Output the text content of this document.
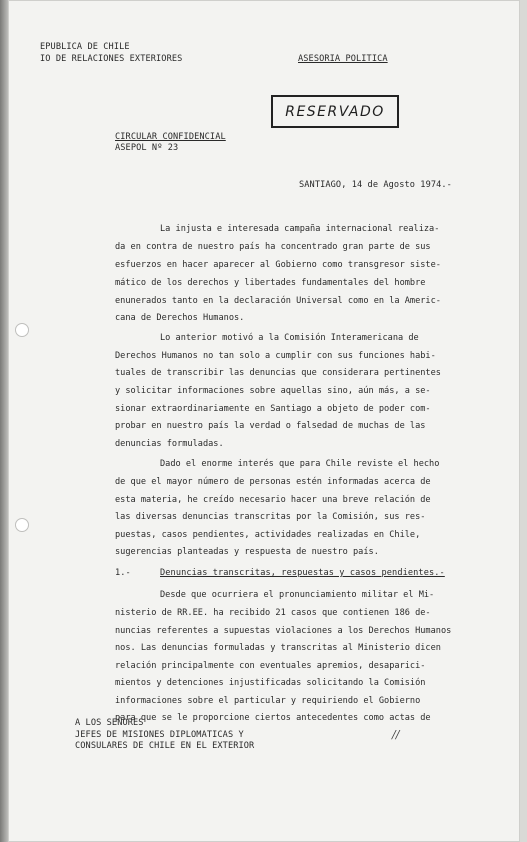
EPUBLICA DE CHILE
IO DE RELACIONES EXTERIORES	ASESORIA POLITICA
RESERVADO
CIRCULAR CONFIDENCIAL
ASEPOL Nº 23
SANTIAGO, 14 de Agosto 1974.-
La injusta e interesada campaña internacional realiza-
da en contra de nuestro país ha concentrado gran parte de sus
esfuerzos en hacer aparecer al Gobierno como transgresor siste-
mático de los derechos y libertades fundamentales del hombre
enunerados tanto en la declaración Universal como en la Americ-
cana de Derechos Humanos.
Lo anterior motivó a la Comisión Interamericana de
Derechos Humanos no tan solo a cumplir con sus funciones habi-
tuales de transcribir las denuncias que considerara pertinentes
y solicitar informaciones sobre aquellas sino, aún más, a se-
sionar extraordinariamente en Santiago a objeto de poder com-
probar en nuestro país la verdad o falsedad de muchas de las
denuncias formuladas.
Dado el enorme interés que para Chile reviste el hecho
de que el mayor número de personas estén informadas acerca de
esta materia, he creído necesario hacer una breve relación de
las diversas denuncias transcritas por la Comisión, sus res-
puestas, casos pendientes, actividades realizadas en Chile,
sugerencias planteadas y respuesta de nuestro país.
1.-	Denuncias transcritas, respuestas y casos pendientes.-
Desde que ocurriera el pronunciamiento militar el Mi-
nisterio de RR.EE. ha recibido 21 casos que contienen 186 de-
nuncias referentes a supuestas violaciones a los Derechos Humanos
nos. Las denuncias formuladas y transcritas al Ministerio dicen
relación principalmente con eventuales apremios, desaparici-
mientos y detenciones injustificadas solicitando la Comisión
informaciones sobre el particular y requiriendo el Gobierno
para que se le proporcione ciertos antecedentes como actas de
A LOS SEÑORES
JEFES DE MISIONES DIPLOMATICAS Y
CONSULARES DE CHILE EN EL EXTERIOR
//
